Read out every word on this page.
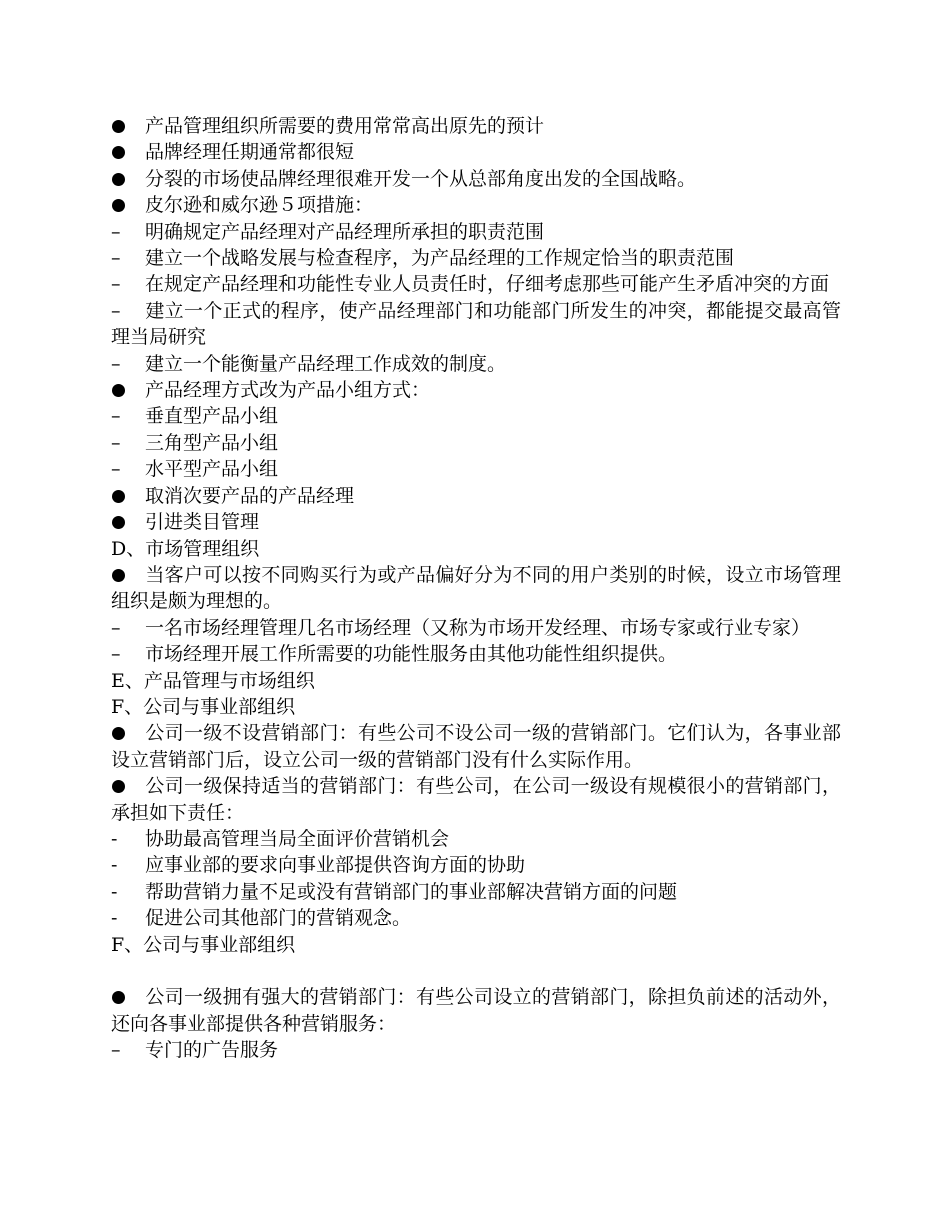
产品管理组织所需要的费用常常高出原先的预计
品牌经理任期通常都很短
分裂的市场使品牌经理很难开发一个从总部角度出发的全国战略。
皮尔逊和威尔逊５项措施：
– 明确规定产品经理对产品经理所承担的职责范围
– 建立一个战略发展与检查程序，为产品经理的工作规定恰当的职责范围
– 在规定产品经理和功能性专业人员责任时，仔细考虑那些可能产生矛盾冲突的方面
– 建立一个正式的程序，使产品经理部门和功能部门所发生的冲突，都能提交最高管理当局研究
– 建立一个能衡量产品经理工作成效的制度。
产品经理方式改为产品小组方式：
– 垂直型产品小组
– 三角型产品小组
– 水平型产品小组
取消次要产品的产品经理
引进类目管理
D、市场管理组织
当客户可以按不同购买行为或产品偏好分为不同的用户类别的时候，设立市场管理组织是颇为理想的。
– 一名市场经理管理几名市场经理（又称为市场开发经理、市场专家或行业专家）
– 市场经理开展工作所需要的功能性服务由其他功能性组织提供。
E、产品管理与市场组织
F、公司与事业部组织
公司一级不设营销部门：有些公司不设公司一级的营销部门。它们认为，各事业部设立营销部门后，设立公司一级的营销部门没有什么实际作用。
公司一级保持适当的营销部门：有些公司，在公司一级设有规模很小的营销部门，承担如下责任：
- 协助最高管理当局全面评价营销机会
- 应事业部的要求向事业部提供咨询方面的协助
- 帮助营销力量不足或没有营销部门的事业部解决营销方面的问题
- 促进公司其他部门的营销观念。
F、公司与事业部组织
公司一级拥有强大的营销部门：有些公司设立的营销部门，除担负前述的活动外，还向各事业部提供各种营销服务：
– 专门的广告服务
